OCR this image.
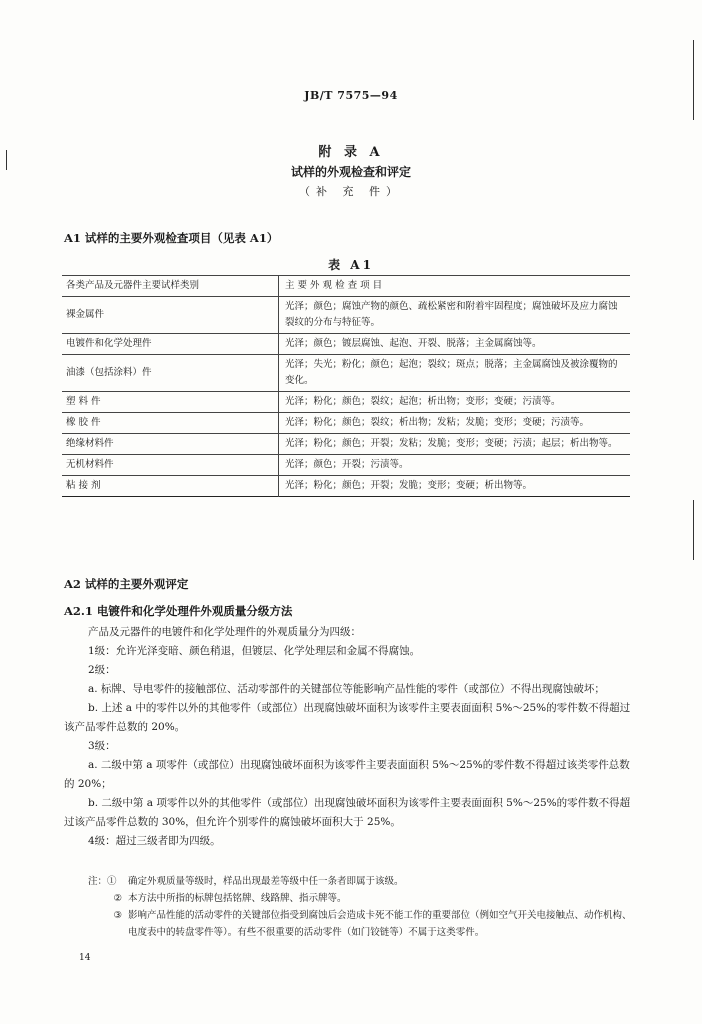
JB/T 7575—94
附 录 A
试样的外观检查和评定
（补 充 件）
A1 试样的主要外观检查项目（见表 A1）
表 A1
各类产品及元器件主要试样类别	主 要 外 观 检 查 项 目
裸金属件	光泽；颜色；腐蚀产物的颜色、疏松紧密和附着牢固程度；腐蚀破坏及应力腐蚀裂纹的分布与特征等。
电镀件和化学处理件	光泽；颜色；镀层腐蚀、起泡、开裂、脱落；主金属腐蚀等。
油漆（包括涂料）件	光泽；失光；粉化；颜色；起泡；裂纹；斑点；脱落；主金属腐蚀及被涂覆物的变化。
塑 料 件	光泽；粉化；颜色；裂纹；起泡；析出物；变形；变硬；污渍等。
橡 胶 件	光泽；粉化；颜色；裂纹；析出物；发粘；发脆；变形；变硬；污渍等。
绝缘材料件	光泽；粉化；颜色；开裂；发粘；发脆；变形；变硬；污渍；起层；析出物等。
无机材料件	光泽；颜色；开裂；污渍等。
粘 接 剂	光泽；粉化；颜色；开裂；发脆；变形；变硬；析出物等。
A2 试样的主要外观评定
A2.1 电镀件和化学处理件外观质量分级方法
产品及元器件的电镀件和化学处理件的外观质量分为四级：
1级：允许光泽变暗、颜色稍退，但镀层、化学处理层和金属不得腐蚀。
2级：
a. 标牌、导电零件的接触部位、活动零部件的关键部位等能影响产品性能的零件（或部位）不得出现腐蚀破坏；
b. 上述 a 中的零件以外的其他零件（或部位）出现腐蚀破坏面积为该零件主要表面面积 5%～25%的零件数不得超过该产品零件总数的 20%。
3级：
a. 二级中第 a 项零件（或部位）出现腐蚀破坏面积为该零件主要表面面积 5%～25%的零件数不得超过该类零件总数的 20%；
b. 二级中第 a 项零件以外的其他零件（或部位）出现腐蚀破坏面积为该零件主要表面面积 5%～25%的零件数不得超过该产品零件总数的 30%，但允许个别零件的腐蚀破坏面积大于 25%。
4级：超过三级者即为四级。
注：①	确定外观质量等级时，样品出现最差等级中任一条者即属于该级。
② 本方法中所指的标牌包括铭牌、线路牌、指示牌等。
③ 影响产品性能的活动零件的关键部位指受到腐蚀后会造成卡死不能工作的重要部位（例如空气开关电接触点、动作机构、电度表中的转盘零件等）。有些不很重要的活动零件（如门铰链等）不属于这类零件。
14
